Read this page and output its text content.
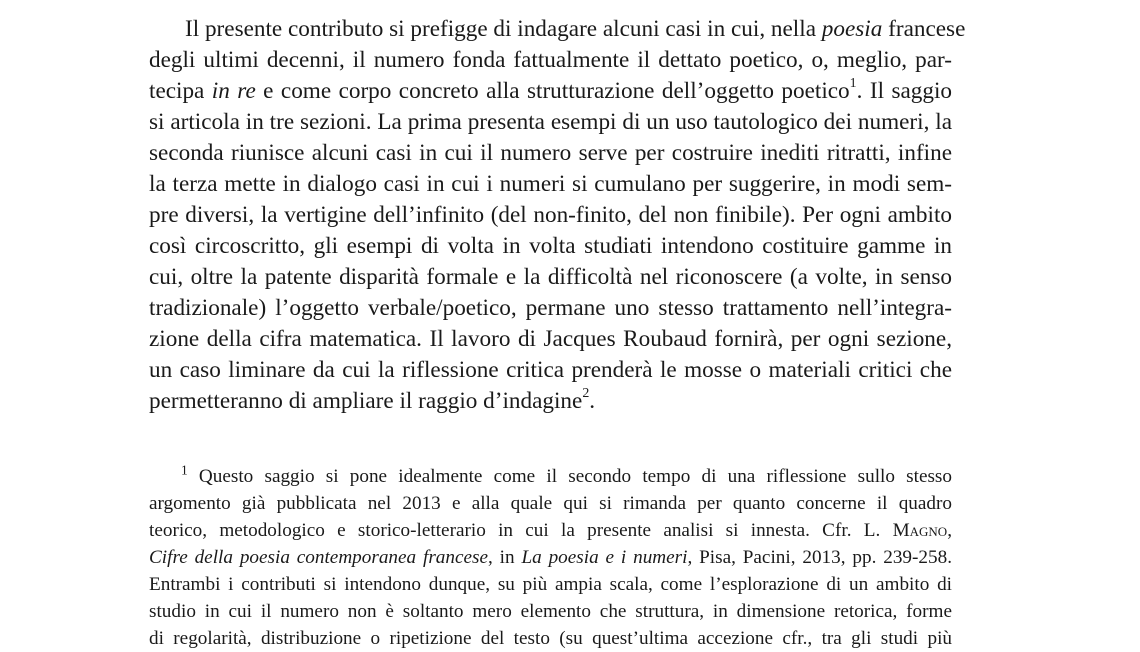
Il presente contributo si prefigge di indagare alcuni casi in cui, nella poesia francese
degli ultimi decenni, il numero fonda fattualmente il dettato poetico, o, meglio, par-
tecipa in re e come corpo concreto alla strutturazione dell’oggetto poetico$^1$. Il saggio
si articola in tre sezioni. La prima presenta esempi di un uso tautologico dei numeri, la
seconda riunisce alcuni casi in cui il numero serve per costruire inediti ritratti, infine
la terza mette in dialogo casi in cui i numeri si cumulano per suggerire, in modi sem-
pre diversi, la vertigine dell’infinito (del non-finito, del non finibile). Per ogni ambito
così circoscritto, gli esempi di volta in volta studiati intendono costituire gamme in
cui, oltre la patente disparità formale e la difficoltà nel riconoscere (a volte, in senso
tradizionale) l’oggetto verbale/poetico, permane uno stesso trattamento nell’integra-
zione della cifra matematica. Il lavoro di Jacques Roubaud fornirà, per ogni sezione,
un caso liminare da cui la riflessione critica prenderà le mosse o materiali critici che
permetteranno di ampliare il raggio d’indagine$^2$.

$^1$ Questo saggio si pone idealmente come il secondo tempo di una riflessione sullo stesso
argomento già pubblicata nel 2013 e alla quale qui si rimanda per quanto concerne il quadro
teorico, metodologico e storico-letterario in cui la presente analisi si innesta. Cfr. L. Magno,
Cifre della poesia contemporanea francese, in La poesia e i numeri, Pisa, Pacini, 2013, pp. 239-258.
Entrambi i contributi si intendono dunque, su più ampia scala, come l’esplorazione di un ambito di
studio in cui il numero non è soltanto mero elemento che struttura, in dimensione retorica, forme
di regolarità, distribuzione o ripetizione del testo (su quest’ultima accezione cfr., tra gli studi più
